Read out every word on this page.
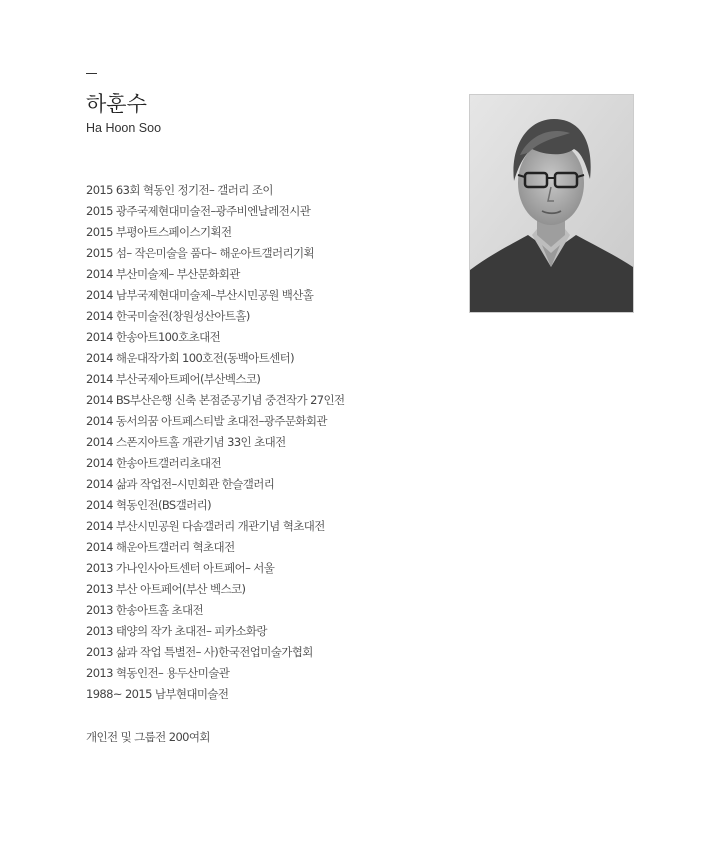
하훈수
Ha Hoon Soo
2015 63회 혁동인 정기전– 갤러리 조이
2015 광주국제현대미술전–광주비엔날레전시관
2015 부평아트스페이스기획전
2015 섬– 작은미술을 품다– 해운아트갤러리기획
2014 부산미술제– 부산문화회관
2014 남부국제현대미술제–부산시민공원 백산홀
2014 한국미술전(창원성산아트홀)
2014 한송아트100호초대전
2014 해운대작가회 100호전(동백아트센터)
2014 부산국제아트페어(부산벡스코)
2014 BS부산은행 신축 본점준공기념 중견작가 27인전
2014 동서의꿈 아트페스티발 초대전–광주문화회관
2014 스폰지아트홀 개관기념 33인 초대전
2014 한송아트갤러리초대전
2014 삶과 작업전–시민회관 한슬갤러리
2014 혁동인전(BS갤러리)
2014 부산시민공원 다솜갤러리 개관기념 혁초대전
2014 해운아트갤러리 혁초대전
2013 가나인사아트센터 아트페어– 서울
2013 부산 아트페어(부산 벡스코)
2013 한송아트홀 초대전
2013 태양의 작가 초대전– 피카소화랑
2013 삶과 작업 특별전– 사)한국전업미술가협회
2013 혁동인전– 용두산미술관
1988~ 2015 남부현대미술전
개인전 및 그룹전 200여회
